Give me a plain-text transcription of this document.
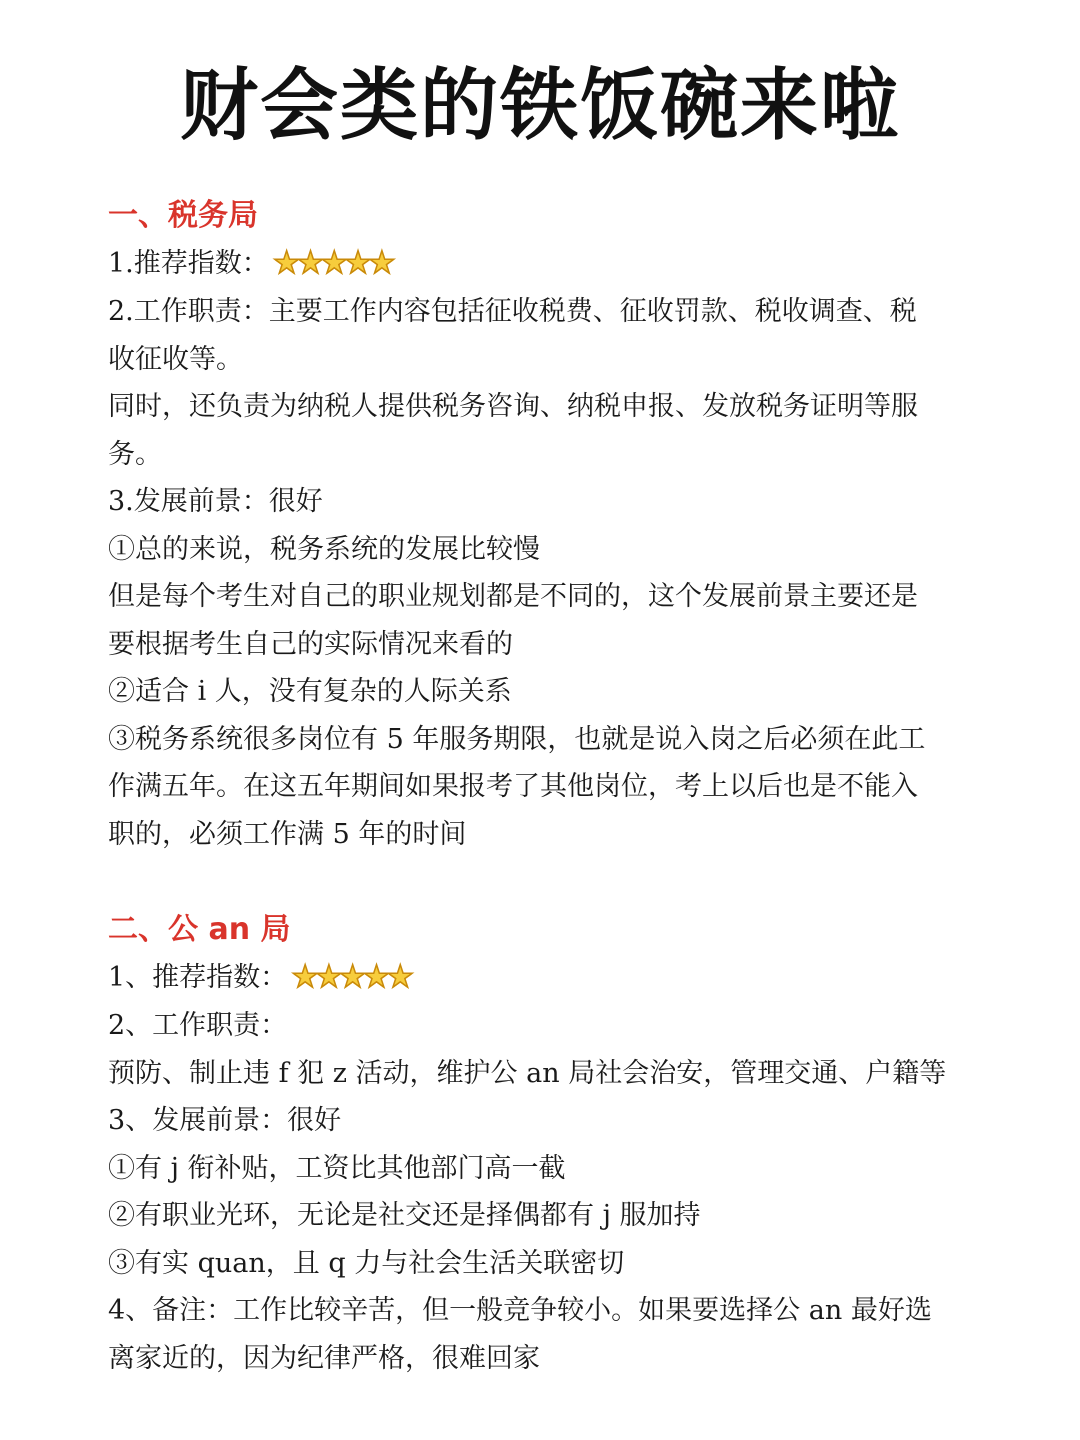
财会类的铁饭碗来啦

一、税务局

1.推荐指数： ★★★★★

2.工作职责：主要工作内容包括征收税费、征收罚款、税收调查、税

收征收等。

同时，还负责为纳税人提供税务咨询、纳税申报、发放税务证明等服

务。

3.发展前景：很好

①总的来说，税务系统的发展比较慢

但是每个考生对自己的职业规划都是不同的，这个发展前景主要还是

要根据考生自己的实际情况来看的

②适合 i 人，没有复杂的人际关系

③税务系统很多岗位有 5 年服务期限，也就是说入岗之后必须在此工

作满五年。在这五年期间如果报考了其他岗位，考上以后也是不能入

职的，必须工作满 5 年的时间

二、公 an 局

1、推荐指数： ★★★★★

2、工作职责：

预防、制止违 f 犯 z 活动，维护公 an 局社会治安，管理交通、户籍等

3、发展前景：很好

①有 j 衔补贴，工资比其他部门高一截

②有职业光环，无论是社交还是择偶都有 j 服加持

③有实 quan，且 q 力与社会生活关联密切

4、备注：工作比较辛苦，但一般竞争较小。如果要选择公 an 最好选

离家近的，因为纪律严格，很难回家
